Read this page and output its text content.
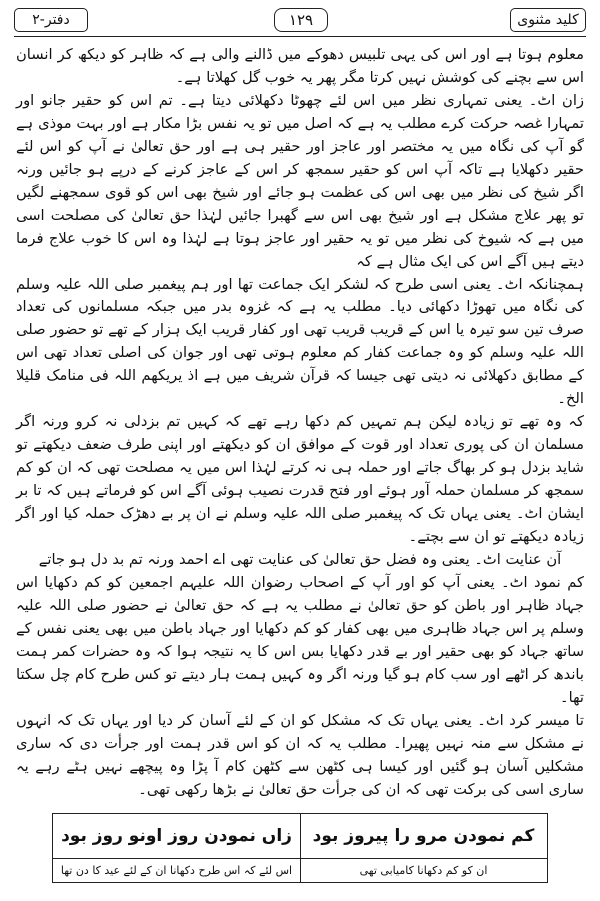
دفتر-۲	۱۲۹	کلید مثنوی

معلوم ہوتا ہے اور اس کی یہی تلبیس دھوکے میں ڈالنے والی ہے کہ ظاہر کو دیکھ کر انسان اس سے بچنے کی کوشش نہیں کرتا مگر پھر یہ خوب گل کھلاتا ہے۔

زان اٹ۔ یعنی تمہاری نظر میں اس لئے چھوٹا دکھلائی دیتا ہے۔ تم اس کو حقیر جانو اور تمہارا غصہ حرکت کرے مطلب یہ ہے کہ اصل میں تو یہ نفس بڑا مکار ہے اور بہت موذی ہے گو آپ کی نگاہ میں یہ مختصر اور عاجز اور حقیر ہی ہے اور حق تعالیٰ نے آپ کو اس لئے حقیر دکھلایا ہے تاکہ آپ اس کو حقیر سمجھ کر اس کے عاجز کرنے کے درپے ہو جائیں ورنہ اگر شیخ کی نظر میں بھی اس کی عظمت ہو جائے اور شیخ بھی اس کو قوی سمجھنے لگیں تو پھر علاج مشکل ہے اور شیخ بھی اس سے گھبرا جائیں لہٰذا حق تعالیٰ کی مصلحت اسی میں ہے کہ شیوخ کی نظر میں تو یہ حقیر اور عاجز ہوتا ہے لہٰذا وہ اس کا خوب علاج فرما دیتے ہیں آگے اس کی ایک مثال ہے کہ

ہمچنانکہ اٹ۔ یعنی اسی طرح کہ لشکر ایک جماعت تھا اور ہم پیغمبر صلی اللہ علیہ وسلم کی نگاہ میں تھوڑا دکھائی دیا۔ مطلب یہ ہے کہ غزوہ بدر میں جبکہ مسلمانوں کی تعداد صرف تین سو تیرہ یا اس کے قریب قریب تھی اور کفار قریب ایک ہزار کے تھے تو حضور صلی اللہ علیہ وسلم کو وہ جماعت کفار کم معلوم ہوتی تھی اور جوان کی اصلی تعداد تھی اس کے مطابق دکھلائی نہ دیتی تھی جیسا کہ قرآن شریف میں ہے اذ یریکھم اللہ فی منامک قلیلا الخ۔

کہ وہ تھے تو زیادہ لیکن ہم تمہیں کم دکھا رہے تھے کہ کہیں تم بزدلی نہ کرو ورنہ اگر مسلمان ان کی پوری تعداد اور قوت کے موافق ان کو دیکھتے اور اپنی طرف ضعف دیکھتے تو شاید بزدل ہو کر بھاگ جاتے اور حملہ ہی نہ کرتے لہٰذا اس میں یہ مصلحت تھی کہ ان کو کم سمجھ کر مسلمان حملہ آور ہوئے اور فتح قدرت نصیب ہوئی آگے اس کو فرماتے ہیں کہ تا بر ایشان اٹ۔ یعنی یہاں تک کہ پیغمبر صلی اللہ علیہ وسلم نے ان پر بے دھڑک حملہ کیا اور اگر زیادہ دیکھتے تو ان سے بچتے۔

آن عنایت اٹ۔ یعنی وہ فضل حق تعالیٰ کی عنایت تھی اے احمد ورنہ تم بد دل ہو جاتے

کم نمود اٹ۔ یعنی آپ کو اور آپ کے اصحاب رضوان اللہ علیہم اجمعین کو کم دکھایا اس جہاد ظاہر اور باطن کو حق تعالیٰ نے مطلب یہ ہے کہ حق تعالیٰ نے حضور صلی اللہ علیہ وسلم پر اس جہاد ظاہری میں بھی کفار کو کم دکھایا اور جہاد باطن میں بھی یعنی نفس کے ساتھ جہاد کو بھی حقیر اور بے قدر دکھایا بس اس کا یہ نتیجہ ہوا کہ وہ حضرات کمر ہمت باندھ کر اٹھے اور سب کام ہو گیا ورنہ اگر وہ کہیں ہمت ہار دیتے تو کس طرح کام چل سکتا تھا۔

تا میسر کرد اٹ۔ یعنی یہاں تک کہ مشکل کو ان کے لئے آسان کر دیا اور یہاں تک کہ انہوں نے مشکل سے منہ نہیں پھیرا۔ مطلب یہ کہ ان کو اس قدر ہمت اور جرأت دی کہ ساری مشکلیں آسان ہو گئیں اور کیسا ہی کٹھن سے کٹھن کام آ پڑا وہ پیچھے نہیں ہٹے رہے یہ ساری اسی کی برکت تھی کہ ان کی جرأت حق تعالیٰ نے بڑھا رکھی تھی۔

کم نمودن مرو را پیروز بود
زاں نمودن روز اونو روز بود
ان کو کم دکھانا کامیابی تھی
اس لئے کہ اس طرح دکھانا ان کے لئے عید کا دن تھا
